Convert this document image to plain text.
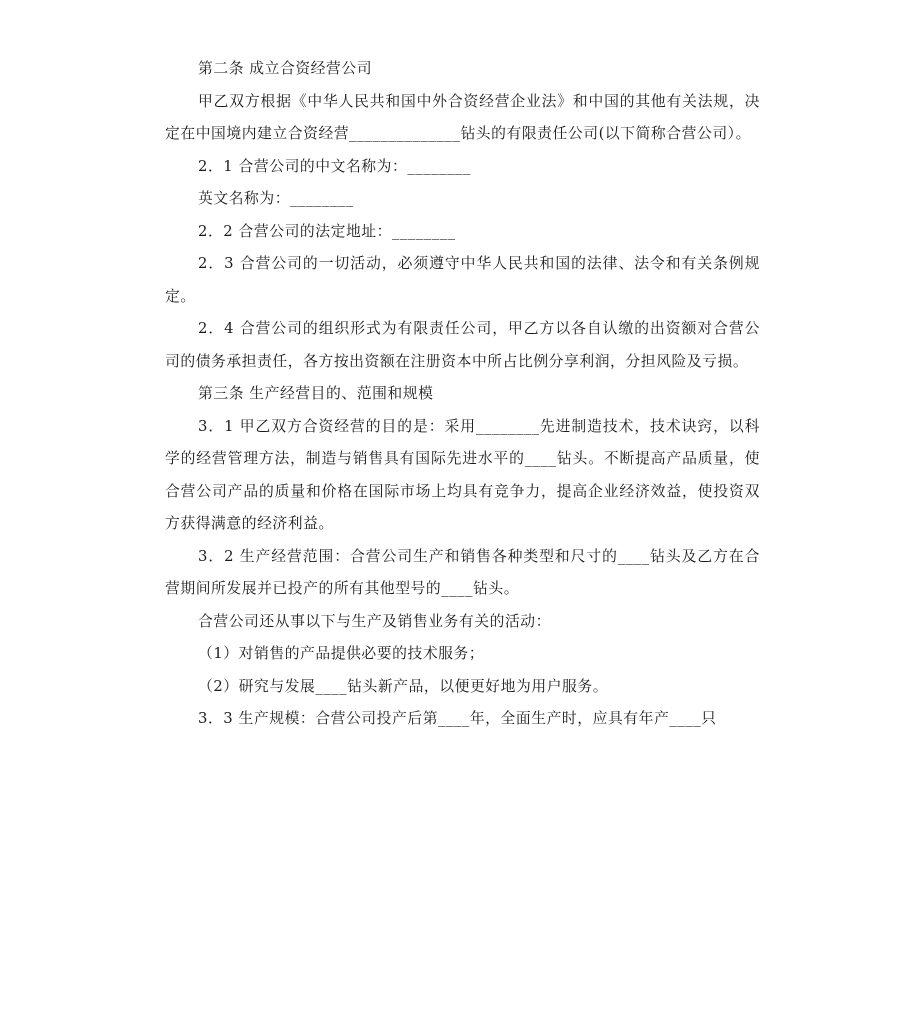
第二条 成立合资经营公司

甲乙双方根据《中华人民共和国中外合资经营企业法》和中国的其他有关法规，决定在中国境内建立合资经营______________钻头的有限责任公司(以下简称合营公司）。

2．1 合营公司的中文名称为：________

英文名称为：________

2．2 合营公司的法定地址：________

2．3 合营公司的一切活动，必须遵守中华人民共和国的法律、法令和有关条例规定。

2．4 合营公司的组织形式为有限责任公司，甲乙方以各自认缴的出资额对合营公司的债务承担责任，各方按出资额在注册资本中所占比例分享利润，分担风险及亏损。

第三条 生产经营目的、范围和规模

3．1 甲乙双方合资经营的目的是：采用________先进制造技术，技术诀窍，以科学的经营管理方法，制造与销售具有国际先进水平的____钻头。不断提高产品质量，使合营公司产品的质量和价格在国际市场上均具有竞争力，提高企业经济效益，使投资双方获得满意的经济利益。

3．2 生产经营范围：合营公司生产和销售各种类型和尺寸的____钻头及乙方在合营期间所发展并已投产的所有其他型号的____钻头。

合营公司还从事以下与生产及销售业务有关的活动：

（1）对销售的产品提供必要的技术服务；

（2）研究与发展____钻头新产品，以便更好地为用户服务。

3．3 生产规模：合营公司投产后第____年，全面生产时，应具有年产____只
